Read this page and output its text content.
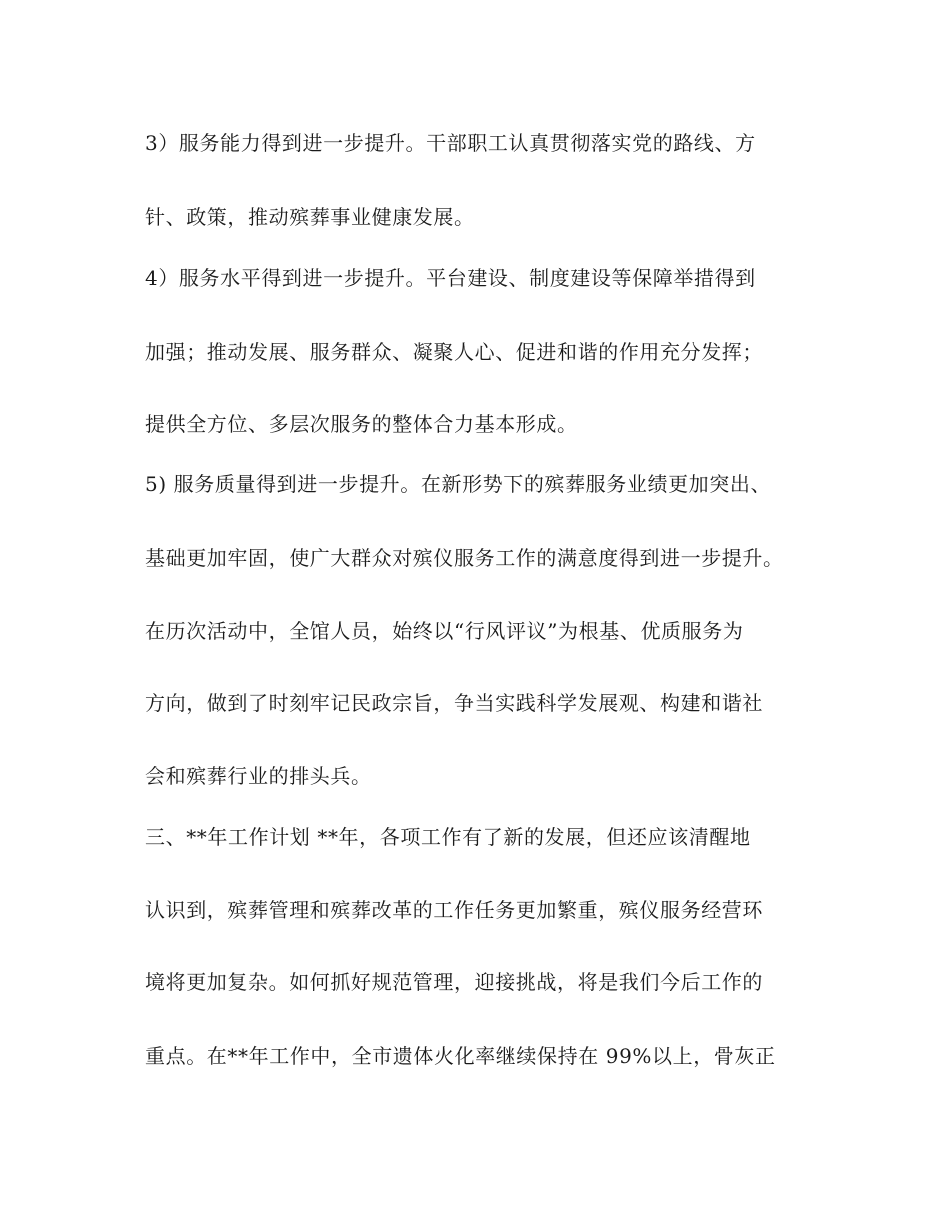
3）服务能力得到进一步提升。干部职工认真贯彻落实党的路线、方
针、政策，推动殡葬事业健康发展。
4）服务水平得到进一步提升。平台建设、制度建设等保障举措得到
加强；推动发展、服务群众、凝聚人心、促进和谐的作用充分发挥；
提供全方位、多层次服务的整体合力基本形成。
5) 服务质量得到进一步提升。在新形势下的殡葬服务业绩更加突出、
基础更加牢固，使广大群众对殡仪服务工作的满意度得到进一步提升。
在历次活动中，全馆人员，始终以“行风评议”为根基、优质服务为
方向，做到了时刻牢记民政宗旨，争当实践科学发展观、构建和谐社
会和殡葬行业的排头兵。
三、**年工作计划 **年，各项工作有了新的发展，但还应该清醒地
认识到，殡葬管理和殡葬改革的工作任务更加繁重，殡仪服务经营环
境将更加复杂。如何抓好规范管理，迎接挑战，将是我们今后工作的
重点。在**年工作中，全市遗体火化率继续保持在 99%以上，骨灰正
